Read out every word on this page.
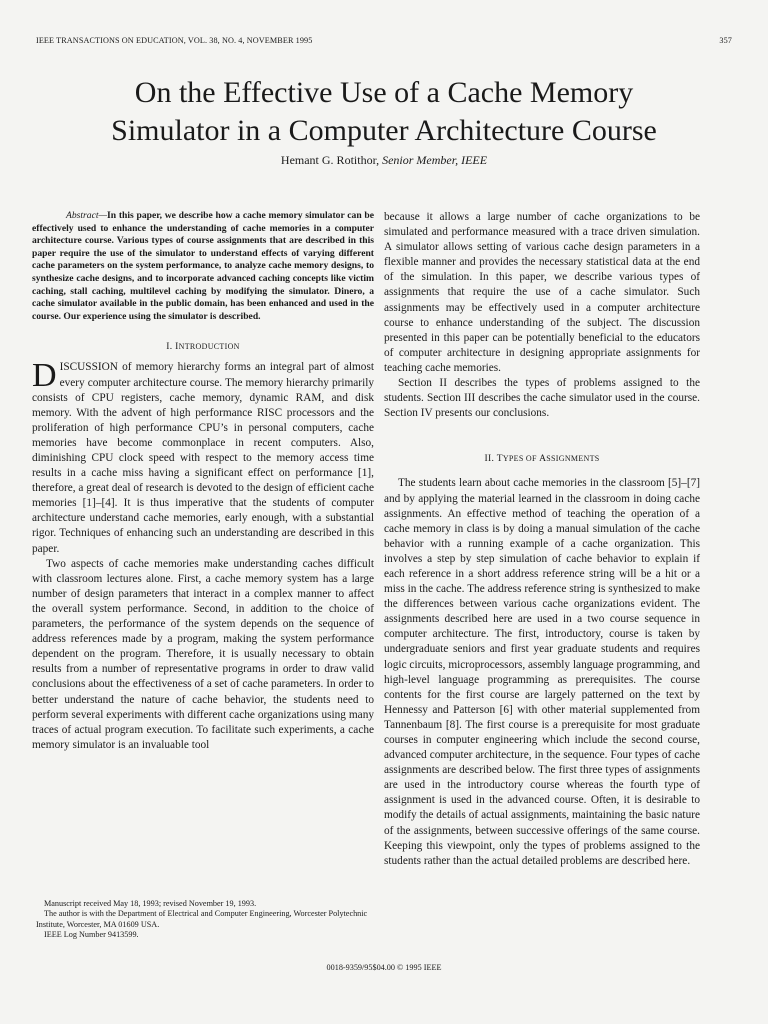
IEEE TRANSACTIONS ON EDUCATION, VOL. 38, NO. 4, NOVEMBER 1995	357
On the Effective Use of a Cache Memory
Simulator in a Computer Architecture Course
Hemant G. Rotithor, Senior Member, IEEE

Abstract—In this paper, we describe how a cache memory simulator can be effectively used to enhance the understanding of cache memories in a computer architecture course. Various types of course assignments that are described in this paper require the use of the simulator to understand effects of varying different cache parameters on the system performance, to analyze cache memory designs, to synthesize cache designs, and to incorporate advanced caching concepts like victim caching, stall caching, multilevel caching by modifying the simulator. Dinero, a cache simulator available in the public domain, has been enhanced and used in the course. Our experience using the simulator is described.

I. INTRODUCTION

DISCUSSION of memory hierarchy forms an integral part of almost every computer architecture course. The memory hierarchy primarily consists of CPU registers, cache memory, dynamic RAM, and disk memory. With the advent of high performance RISC processors and the proliferation of high performance CPU’s in personal computers, cache memories have become commonplace in recent computers. Also, diminishing CPU clock speed with respect to the memory access time results in a cache miss having a significant effect on performance [1], therefore, a great deal of research is devoted to the design of efficient cache memories [1]–[4]. It is thus imperative that the students of computer architecture understand cache memories, early enough, with a substantial rigor. Techniques of enhancing such an understanding are described in this paper.

Two aspects of cache memories make understanding caches difficult with classroom lectures alone. First, a cache memory system has a large number of design parameters that interact in a complex manner to affect the overall system performance. Second, in addition to the choice of parameters, the performance of the system depends on the sequence of address references made by a program, making the system performance dependent on the program. Therefore, it is usually necessary to obtain results from a number of representative programs in order to draw valid conclusions about the effectiveness of a set of cache parameters. In order to better understand the nature of cache behavior, the students need to perform several experiments with different cache organizations using many traces of actual program execution. To facilitate such experiments, a cache memory simulator is an invaluable tool

because it allows a large number of cache organizations to be simulated and performance measured with a trace driven simulation. A simulator allows setting of various cache design parameters in a flexible manner and provides the necessary statistical data at the end of the simulation. In this paper, we describe various types of assignments that require the use of a cache simulator. Such assignments may be effectively used in a computer architecture course to enhance understanding of the subject. The discussion presented in this paper can be potentially beneficial to the educators of computer architecture in designing appropriate assignments for teaching cache memories.

Section II describes the types of problems assigned to the students. Section III describes the cache simulator used in the course. Section IV presents our conclusions.

II. TYPES OF ASSIGNMENTS

The students learn about cache memories in the classroom [5]–[7] and by applying the material learned in the classroom in doing cache assignments. An effective method of teaching the operation of a cache memory in class is by doing a manual simulation of the cache behavior with a running example of a cache organization. This involves a step by step simulation of cache behavior to explain if each reference in a short address reference string will be a hit or a miss in the cache. The address reference string is synthesized to make the differences between various cache organizations evident. The assignments described here are used in a two course sequence in computer architecture. The first, introductory, course is taken by undergraduate seniors and first year graduate students and requires logic circuits, microprocessors, assembly language programming, and high-level language programming as prerequisites. The course contents for the first course are largely patterned on the text by Hennessy and Patterson [6] with other material supplemented from Tannenbaum [8]. The first course is a prerequisite for most graduate courses in computer engineering which include the second course, advanced computer architecture, in the sequence. Four types of cache assignments are described below. The first three types of assignments are used in the introductory course whereas the fourth type of assignment is used in the advanced course. Often, it is desirable to modify the details of actual assignments, maintaining the basic nature of the assignments, between successive offerings of the same course. Keeping this viewpoint, only the types of problems assigned to the students rather than the actual detailed problems are described here.

Manuscript received May 18, 1993; revised November 19, 1993.

The author is with the Department of Electrical and Computer Engineering, Worcester Polytechnic Institute, Worcester, MA 01609 USA.

IEEE Log Number 9413599.

0018-9359/95$04.00 © 1995 IEEE
